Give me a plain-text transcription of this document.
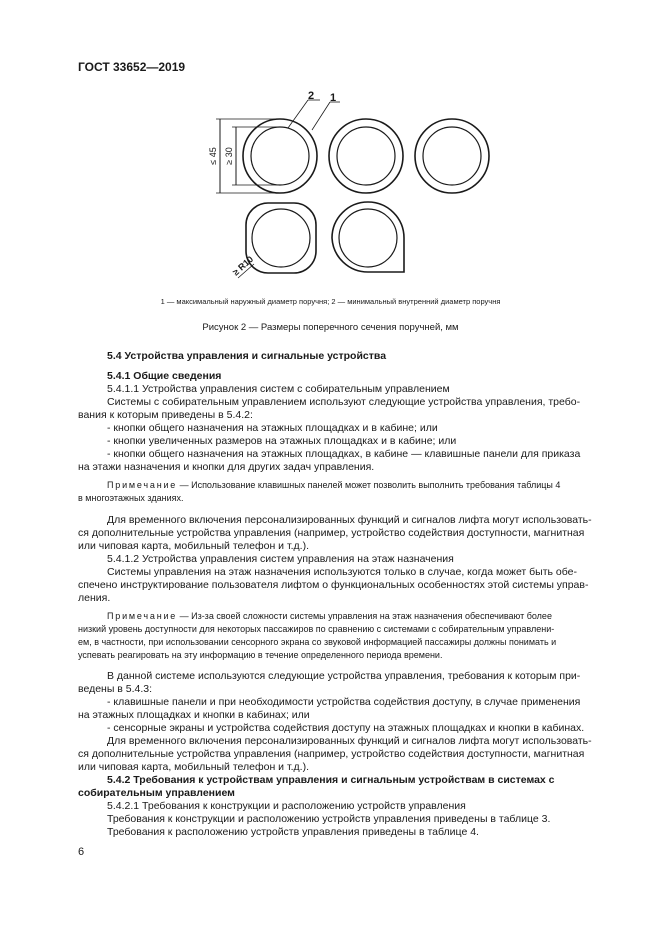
ГОСТ 33652—2019
2 1
≤ 45 ≥ 30
≥ R10
1 — максимальный наружный диаметр поручня; 2 — минимальный внутренний диаметр поручня
Рисунок 2 — Размеры поперечного сечения поручней, мм
5.4 Устройства управления и сигнальные устройства
5.4.1 Общие сведения
5.4.1.1 Устройства управления систем с собирательным управлением
Системы с собирательным управлением используют следующие устройства управления, требо-
вания к которым приведены в 5.4.2:
- кнопки общего назначения на этажных площадках и в кабине; или
- кнопки увеличенных размеров на этажных площадках и в кабине; или
- кнопки общего назначения на этажных площадках, в кабине — клавишные панели для приказа
на этажи назначения и кнопки для других задач управления.
Примечание — Использование клавишных панелей может позволить выполнить требования таблицы 4
в многоэтажных зданиях.
Для временного включения персонализированных функций и сигналов лифта могут использовать-
ся дополнительные устройства управления (например, устройство содействия доступности, магнитная
или чиповая карта, мобильный телефон и т.д.).
5.4.1.2 Устройства управления систем управления на этаж назначения
Системы управления на этаж назначения используются только в случае, когда может быть обе-
спечено инструктирование пользователя лифтом о функциональных особенностях этой системы управ-
ления.
Примечание — Из-за своей сложности системы управления на этаж назначения обеспечивают более
низкий уровень доступности для некоторых пассажиров по сравнению с системами с собирательным управлени-
ем, в частности, при использовании сенсорного экрана со звуковой информацией пассажиры должны понимать и
успевать реагировать на эту информацию в течение определенного периода времени.
В данной системе используются следующие устройства управления, требования к которым при-
ведены в 5.4.3:
- клавишные панели и при необходимости устройства содействия доступу, в случае применения
на этажных площадках и кнопки в кабинах; или
- сенсорные экраны и устройства содействия доступу на этажных площадках и кнопки в кабинах.
Для временного включения персонализированных функций и сигналов лифта могут использовать-
ся дополнительные устройства управления (например, устройство содействия доступности, магнитная
или чиповая карта, мобильный телефон и т.д.).
5.4.2 Требования к устройствам управления и сигнальным устройствам в системах с
собирательным управлением
5.4.2.1 Требования к конструкции и расположению устройств управления
Требования к конструкции и расположению устройств управления приведены в таблице 3.
Требования к расположению устройств управления приведены в таблице 4.
6
